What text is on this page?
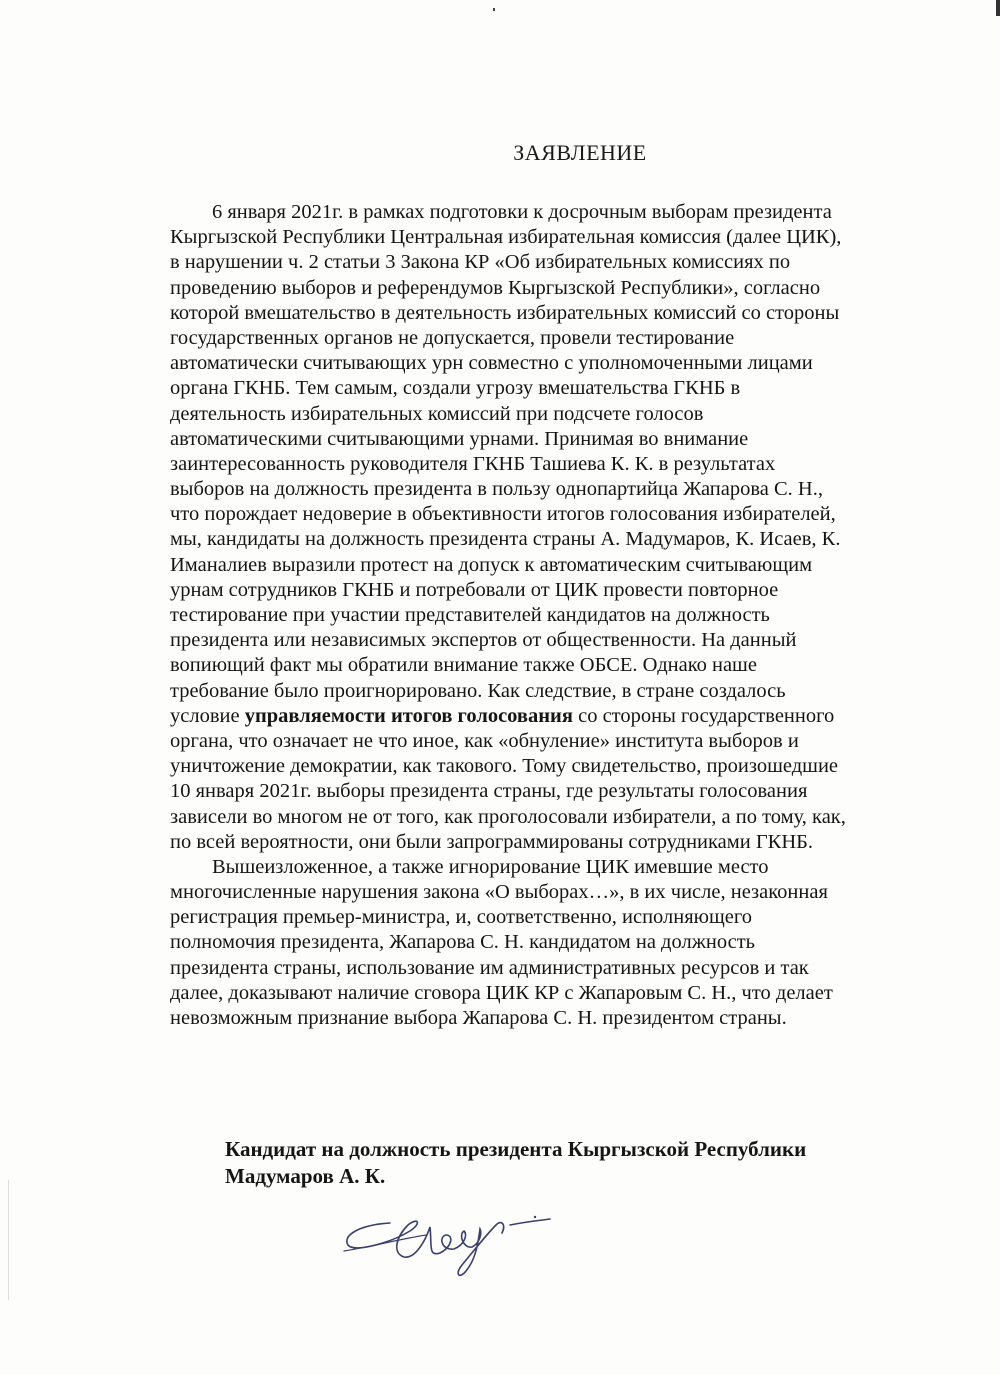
ЗАЯВЛЕНИЕ
6 января 2021г. в рамках подготовки к досрочным выборам президента
Кыргызской Республики Центральная избирательная комиссия (далее ЦИК),
в нарушении ч. 2 статьи 3 Закона КР «Об избирательных комиссиях по
проведению выборов и референдумов Кыргызской Республики», согласно
которой вмешательство в деятельность избирательных комиссий со стороны
государственных органов не допускается, провели тестирование
автоматически считывающих урн совместно с уполномоченными лицами
органа ГКНБ. Тем самым, создали угрозу вмешательства ГКНБ в
деятельность избирательных комиссий при подсчете голосов
автоматическими считывающими урнами. Принимая во внимание
заинтересованность руководителя ГКНБ Ташиева К. К. в результатах
выборов на должность президента в пользу однопартийца Жапарова С. Н.,
что порождает недоверие в объективности итогов голосования избирателей,
мы, кандидаты на должность президента страны А. Мадумаров, К. Исаев, К.
Иманалиев выразили протест на допуск к автоматическим считывающим
урнам сотрудников ГКНБ и потребовали от ЦИК провести повторное
тестирование при участии представителей кандидатов на должность
президента или независимых экспертов от общественности. На данный
вопиющий факт мы обратили внимание также ОБСЕ. Однако наше
требование было проигнорировано. Как следствие, в стране создалось
условие управляемости итогов голосования со стороны государственного
органа, что означает не что иное, как «обнуление» института выборов и
уничтожение демократии, как такового. Тому свидетельство, произошедшие
10 января 2021г. выборы президента страны, где результаты голосования
зависели во многом не от того, как проголосовали избиратели, а по тому, как,
по всей вероятности, они были запрограммированы сотрудниками ГКНБ.
Вышеизложенное, а также игнорирование ЦИК имевшие место
многочисленные нарушения закона «О выборах…», в их числе, незаконная
регистрация премьер-министра, и, соответственно, исполняющего
полномочия президента, Жапарова С. Н. кандидатом на должность
президента страны, использование им административных ресурсов и так
далее, доказывают наличие сговора ЦИК КР с Жапаровым С. Н., что делает
невозможным признание выбора Жапарова С. Н. президентом страны.
Кандидат на должность президента Кыргызской Республики
Мадумаров А. К.
